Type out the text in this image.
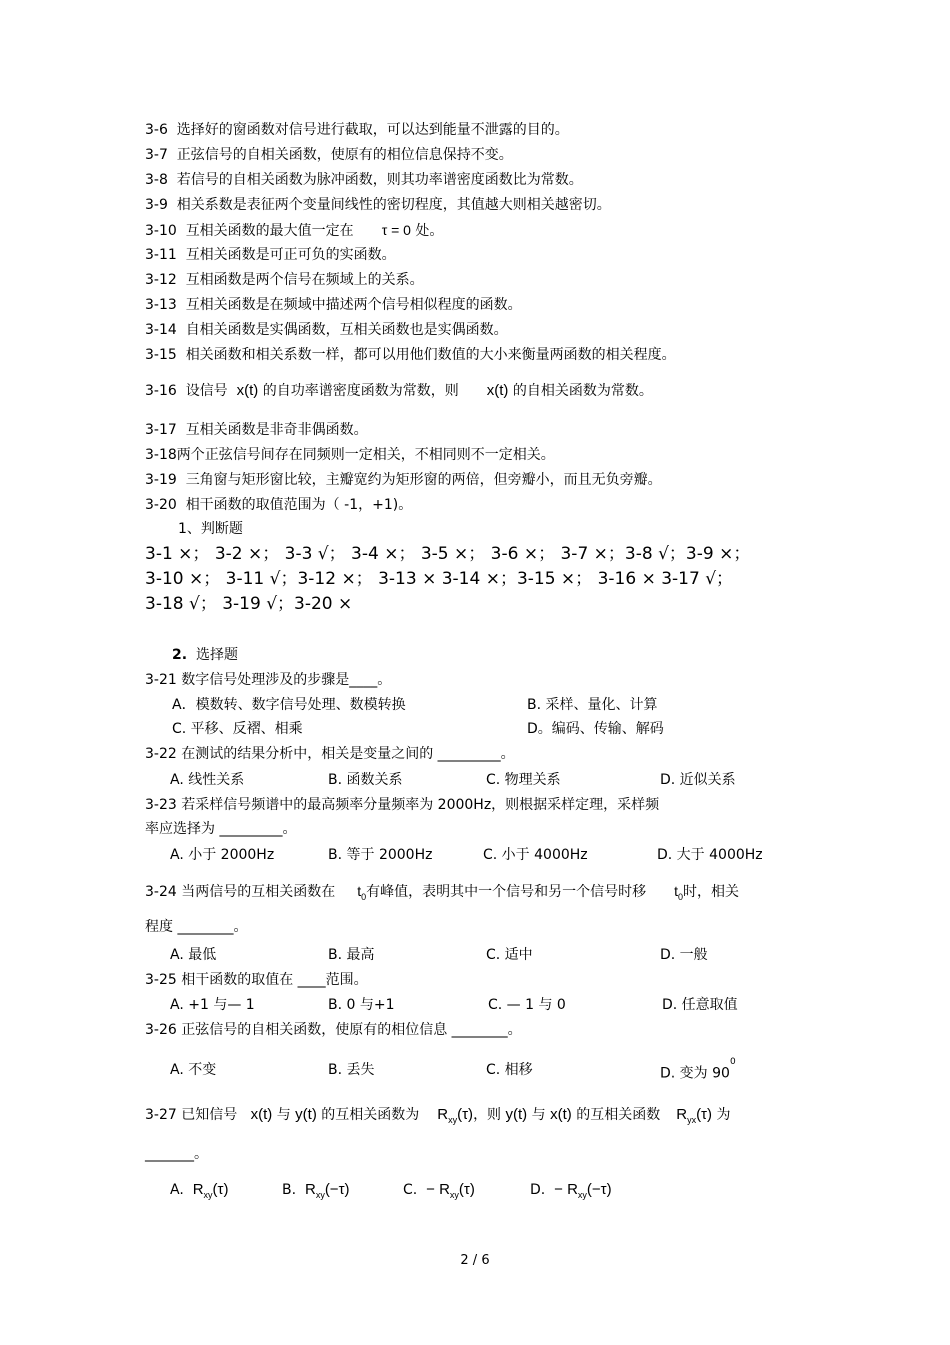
3-6 选择好的窗函数对信号进行截取，可以达到能量不泄露的目的。
3-7 正弦信号的自相关函数，使原有的相位信息保持不变。
3-8 若信号的自相关函数为脉冲函数，则其功率谱密度函数比为常数。
3-9 相关系数是表征两个变量间线性的密切程度，其值越大则相关越密切。
3-10 互相关函数的最大值一定在 τ = 0 处。
3-11 互相关函数是可正可负的实函数。
3-12 互相函数是两个信号在频域上的关系。
3-13 互相关函数是在频域中描述两个信号相似程度的函数。
3-14 自相关函数是实偶函数，互相关函数也是实偶函数。
3-15 相关函数和相关系数一样，都可以用他们数值的大小来衡量两函数的相关程度。
3-16 设信号 x(t) 的自功率谱密度函数为常数，则 x(t) 的自相关函数为常数。
3-17 互相关函数是非奇非偶函数。
3-18两个正弦信号间存在同频则一定相关，不相同则不一定相关。
3-19 三角窗与矩形窗比较，主瓣宽约为矩形窗的两倍，但旁瓣小，而且无负旁瓣。
3-20 相干函数的取值范围为（ -1，+1)。
1、判断题
3-1 ×； 3-2 ×； 3-3 √； 3-4 ×； 3-5 ×； 3-6 ×； 3-7 ×；3-8 √；3-9 ×；
3-10 ×； 3-11 √；3-12 ×； 3-13 × 3-14 ×；3-15 ×； 3-16 × 3-17 √；
3-18 √； 3-19 √；3-20 ×
2. 选择题
3-21 数字信号处理涉及的步骤是____。
A．模数转、数字信号处理、数模转换	B. 采样、量化、计算
C. 平移、反褶、相乘	D。编码、传输、解码
3-22 在测试的结果分析中，相关是变量之间的 _________。
A. 线性关系	B. 函数关系	C. 物理关系	D. 近似关系
3-23 若采样信号频谱中的最高频率分量频率为 2000Hz，则根据采样定理，采样频
率应选择为 _________。
A. 小于 2000Hz	B. 等于 2000Hz	C. 小于 4000Hz	D. 大于 4000Hz
3-24 当两信号的互相关函数在 $t_0$有峰值，表明其中一个信号和另一个信号时移 $t_0$时，相关
程度 ________。
A. 最低	B. 最高	C. 适中	D. 一般
3-25 相干函数的取值在 ____范围。
A. +1 与— 1	B. 0 与+1	C. — 1 与 0	D. 任意取值
3-26 正弦信号的自相关函数，使原有的相位信息 ________。
A. 不变	B. 丢失	C. 相移	D. 变为 $90^0$
3-27 已知信号 x(t) 与 y(t) 的互相关函数为 $R_{xy}(\tau)$，则 y(t) 与 x(t) 的互相关函数 $R_{yx}(\tau)$ 为
_______。
A. $R_{xy}(\tau)$	B. $R_{xy}(-\tau)$	C. − $R_{xy}(\tau)$	D. − $R_{xy}(-\tau)$
2 / 6
